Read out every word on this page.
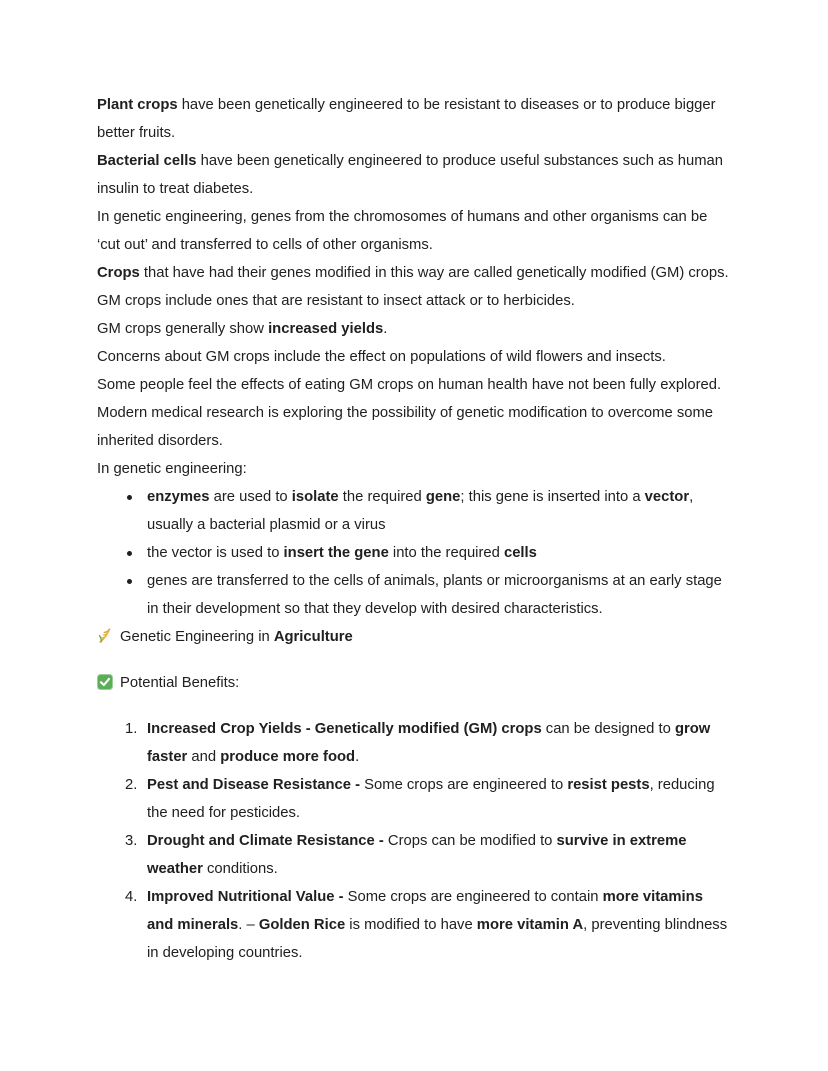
Plant crops have been genetically engineered to be resistant to diseases or to produce bigger better fruits.
Bacterial cells have been genetically engineered to produce useful substances such as human insulin to treat diabetes.
In genetic engineering, genes from the chromosomes of humans and other organisms can be ‘cut out’ and transferred to cells of other organisms.
Crops that have had their genes modified in this way are called genetically modified (GM) crops. GM crops include ones that are resistant to insect attack or to herbicides.
GM crops generally show increased yields.
Concerns about GM crops include the effect on populations of wild flowers and insects.
Some people feel the effects of eating GM crops on human health have not been fully explored.
Modern medical research is exploring the possibility of genetic modification to overcome some inherited disorders.
In genetic engineering:
enzymes are used to isolate the required gene; this gene is inserted into a vector, usually a bacterial plasmid or a virus
the vector is used to insert the gene into the required cells
genes are transferred to the cells of animals, plants or microorganisms at an early stage in their development so that they develop with desired characteristics.
Genetic Engineering in Agriculture
Potential Benefits:
1. Increased Crop Yields - Genetically modified (GM) crops can be designed to grow faster and produce more food.
2. Pest and Disease Resistance - Some crops are engineered to resist pests, reducing the need for pesticides.
3. Drought and Climate Resistance - Crops can be modified to survive in extreme weather conditions.
4. Improved Nutritional Value - Some crops are engineered to contain more vitamins and minerals. – Golden Rice is modified to have more vitamin A, preventing blindness in developing countries.
